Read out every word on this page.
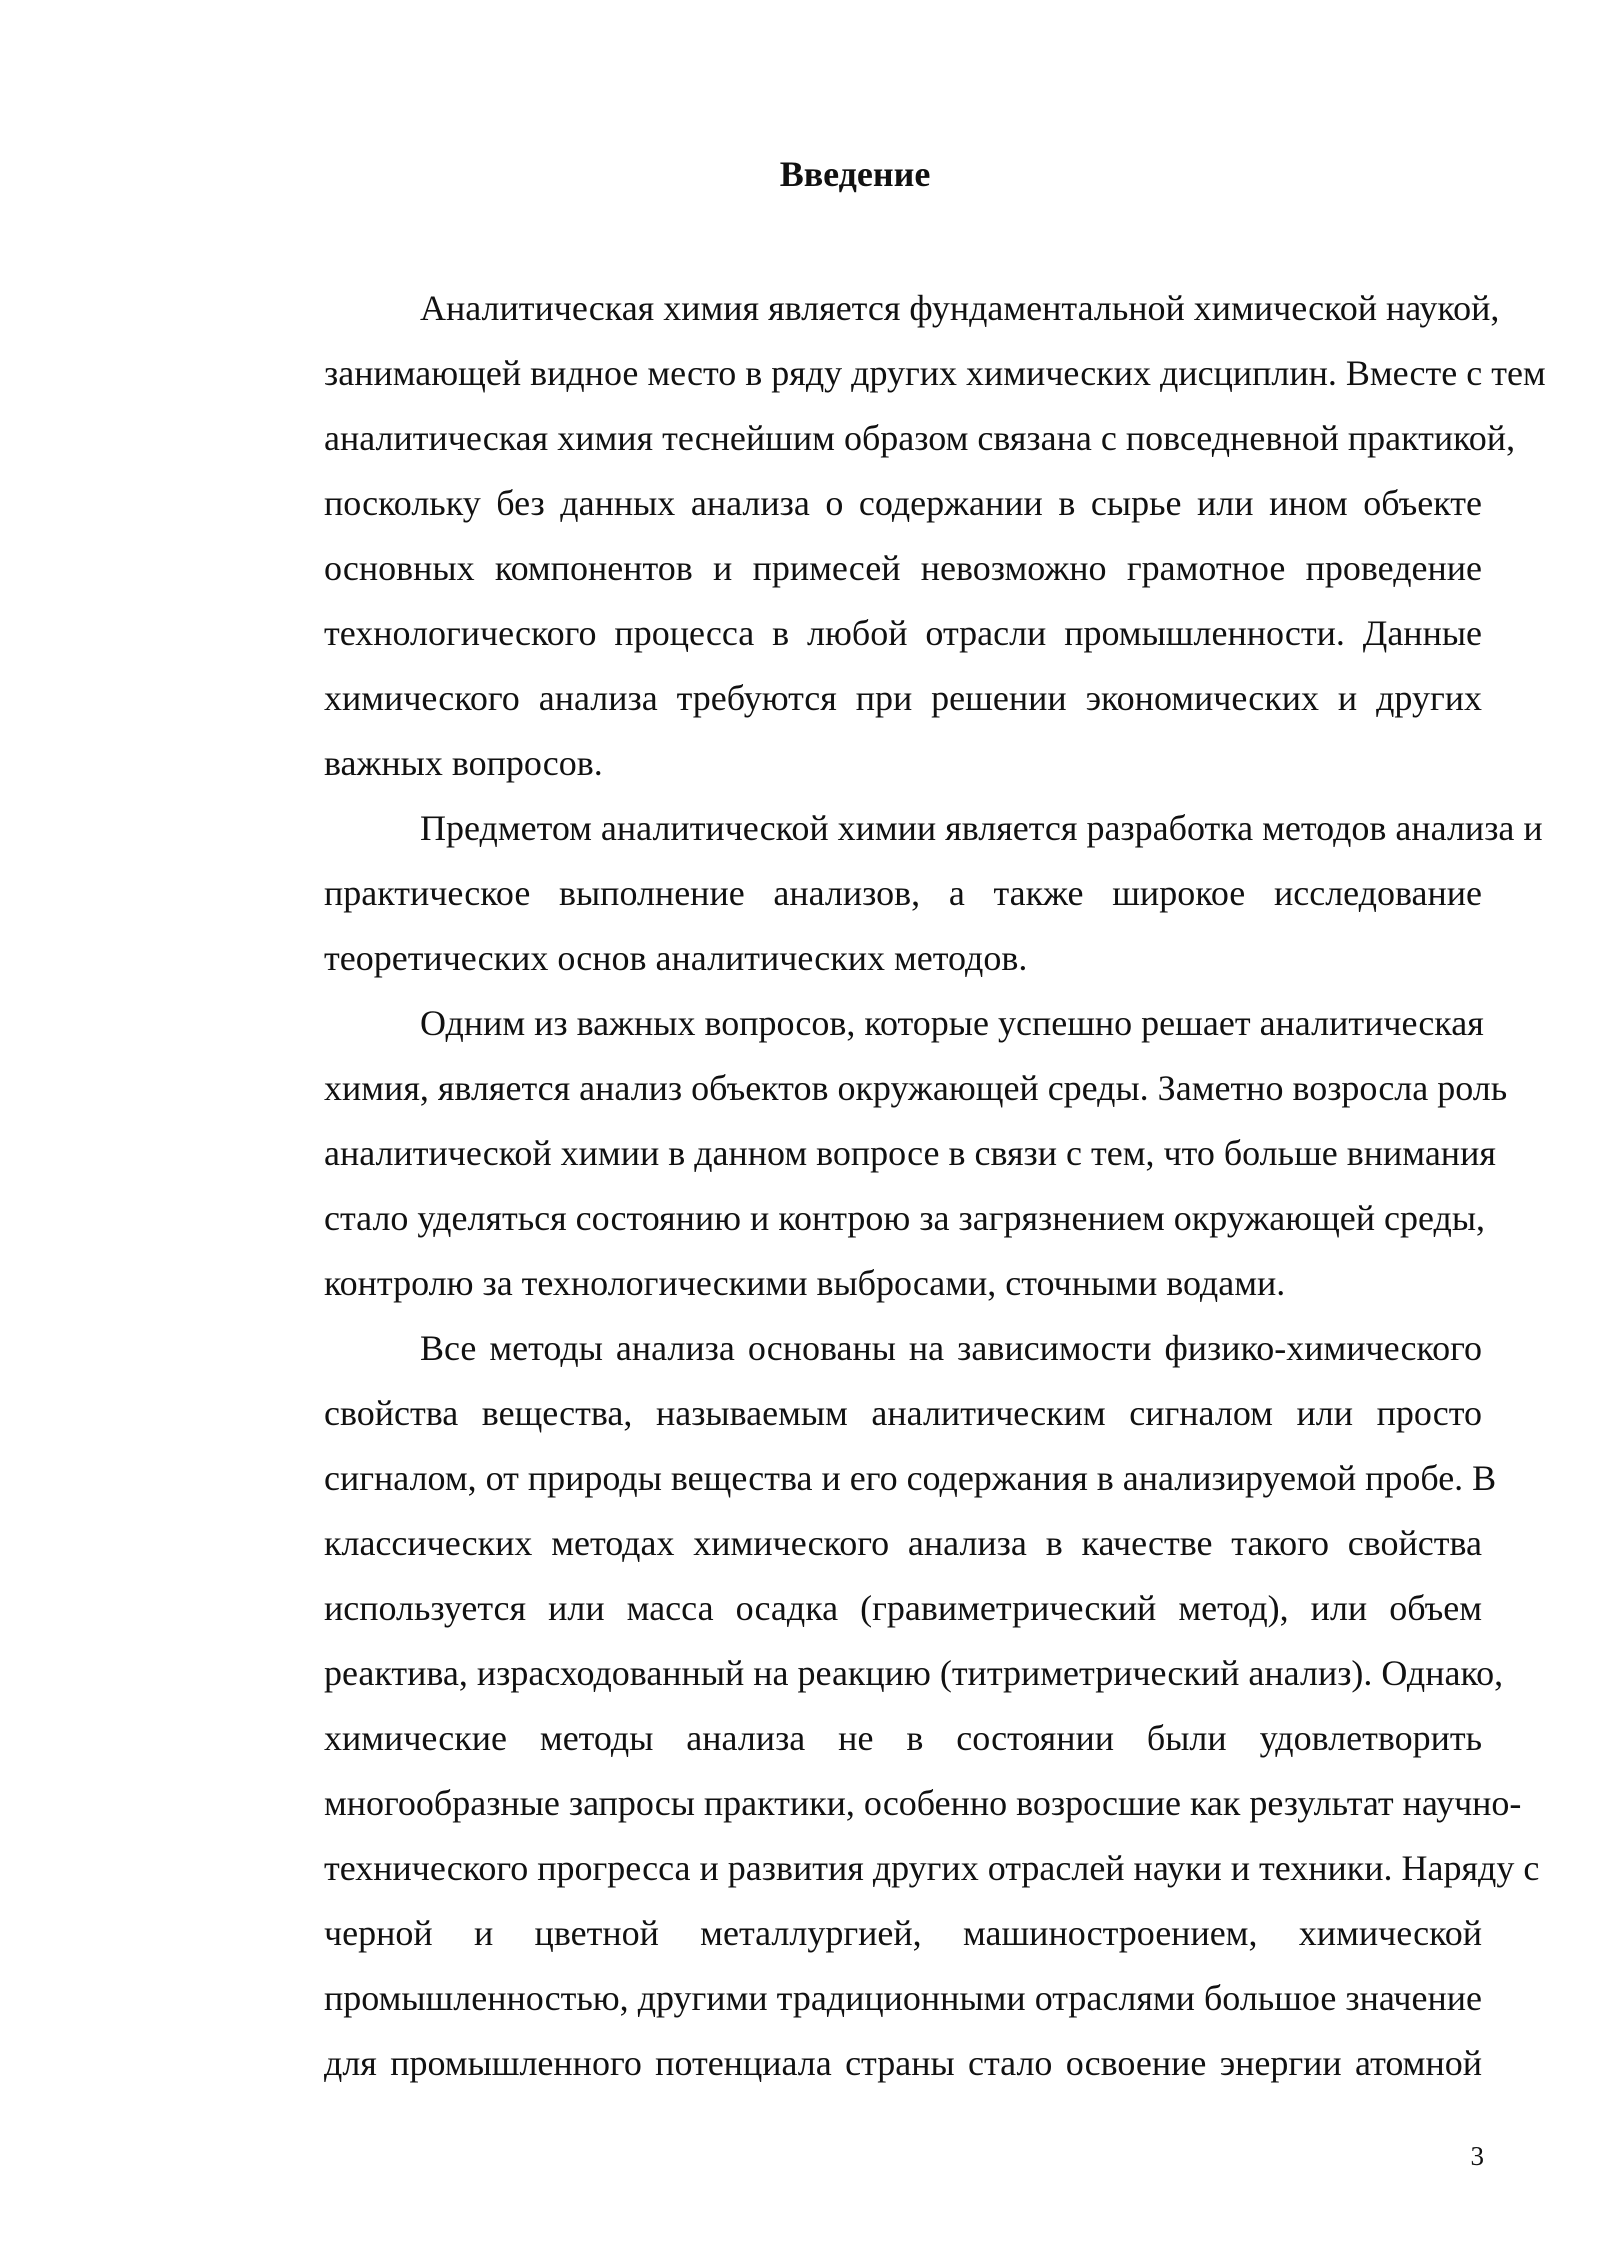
Введение

Аналитическая химия является фундаментальной химической наукой,
занимающей видное место в ряду других химических дисциплин. Вместе с тем
аналитическая химия теснейшим образом связана с повседневной практикой,
поскольку без данных анализа о содержании в сырье или ином объекте
основных компонентов и примесей невозможно грамотное проведение
технологического процесса в любой отрасли промышленности. Данные
химического анализа требуются при решении экономических и других
важных вопросов.

Предметом аналитической химии является разработка методов анализа и
практическое выполнение анализов, а также широкое исследование
теоретических основ аналитических методов.

Одним из важных вопросов, которые успешно решает аналитическая
химия, является анализ объектов окружающей среды. Заметно возросла роль
аналитической химии в данном вопросе в связи с тем, что больше внимания
стало уделяться состоянию и контрою за загрязнением окружающей среды,
контролю за технологическими выбросами, сточными водами.

Все методы анализа основаны на зависимости физико-химического
свойства вещества, называемым аналитическим сигналом или просто
сигналом, от природы вещества и его содержания в анализируемой пробе. В
классических методах химического анализа в качестве такого свойства
используется или масса осадка (гравиметрический метод), или объем
реактива, израсходованный на реакцию (титриметрический анализ). Однако,
химические методы анализа не в состоянии были удовлетворить
многообразные запросы практики, особенно возросшие как результат научно-
технического прогресса и развития других отраслей науки и техники. Наряду с
черной и цветной металлургией, машиностроением, химической
промышленностью, другими традиционными отраслями большое значение
для промышленного потенциала страны стало освоение энергии атомной

3
